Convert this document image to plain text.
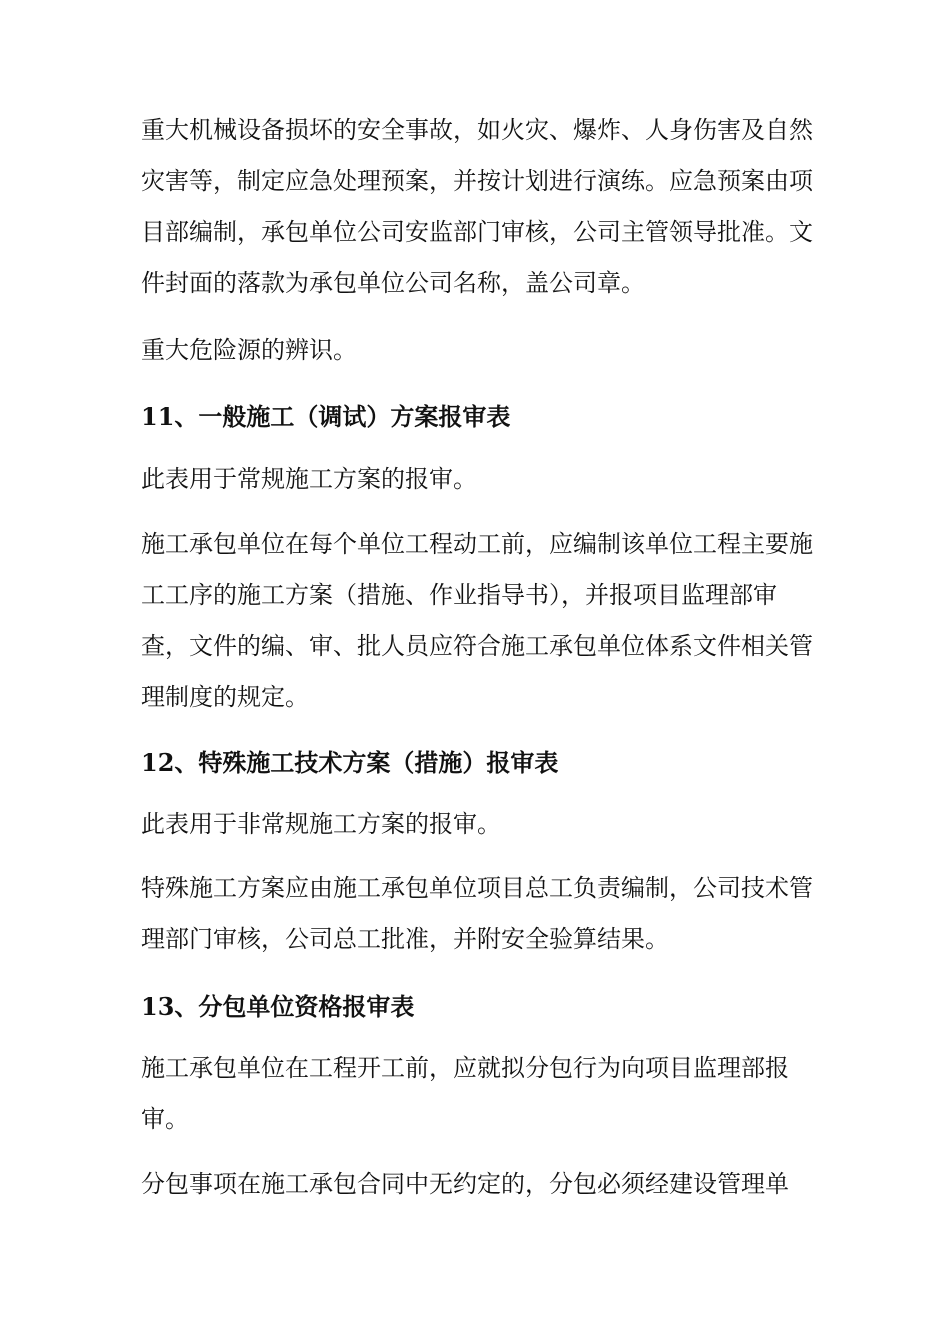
重大机械设备损坏的安全事故，如火灾、爆炸、人身伤害及自然灾害等，制定应急处理预案，并按计划进行演练。应急预案由项目部编制，承包单位公司安监部门审核，公司主管领导批准。文件封面的落款为承包单位公司名称，盖公司章。

重大危险源的辨识。

11、一般施工（调试）方案报审表

此表用于常规施工方案的报审。

施工承包单位在每个单位工程动工前，应编制该单位工程主要施工工序的施工方案（措施、作业指导书），并报项目监理部审查，文件的编、审、批人员应符合施工承包单位体系文件相关管理制度的规定。

12、特殊施工技术方案（措施）报审表

此表用于非常规施工方案的报审。

特殊施工方案应由施工承包单位项目总工负责编制，公司技术管理部门审核，公司总工批准，并附安全验算结果。

13、分包单位资格报审表

施工承包单位在工程开工前，应就拟分包行为向项目监理部报审。

分包事项在施工承包合同中无约定的，分包必须经建设管理单
